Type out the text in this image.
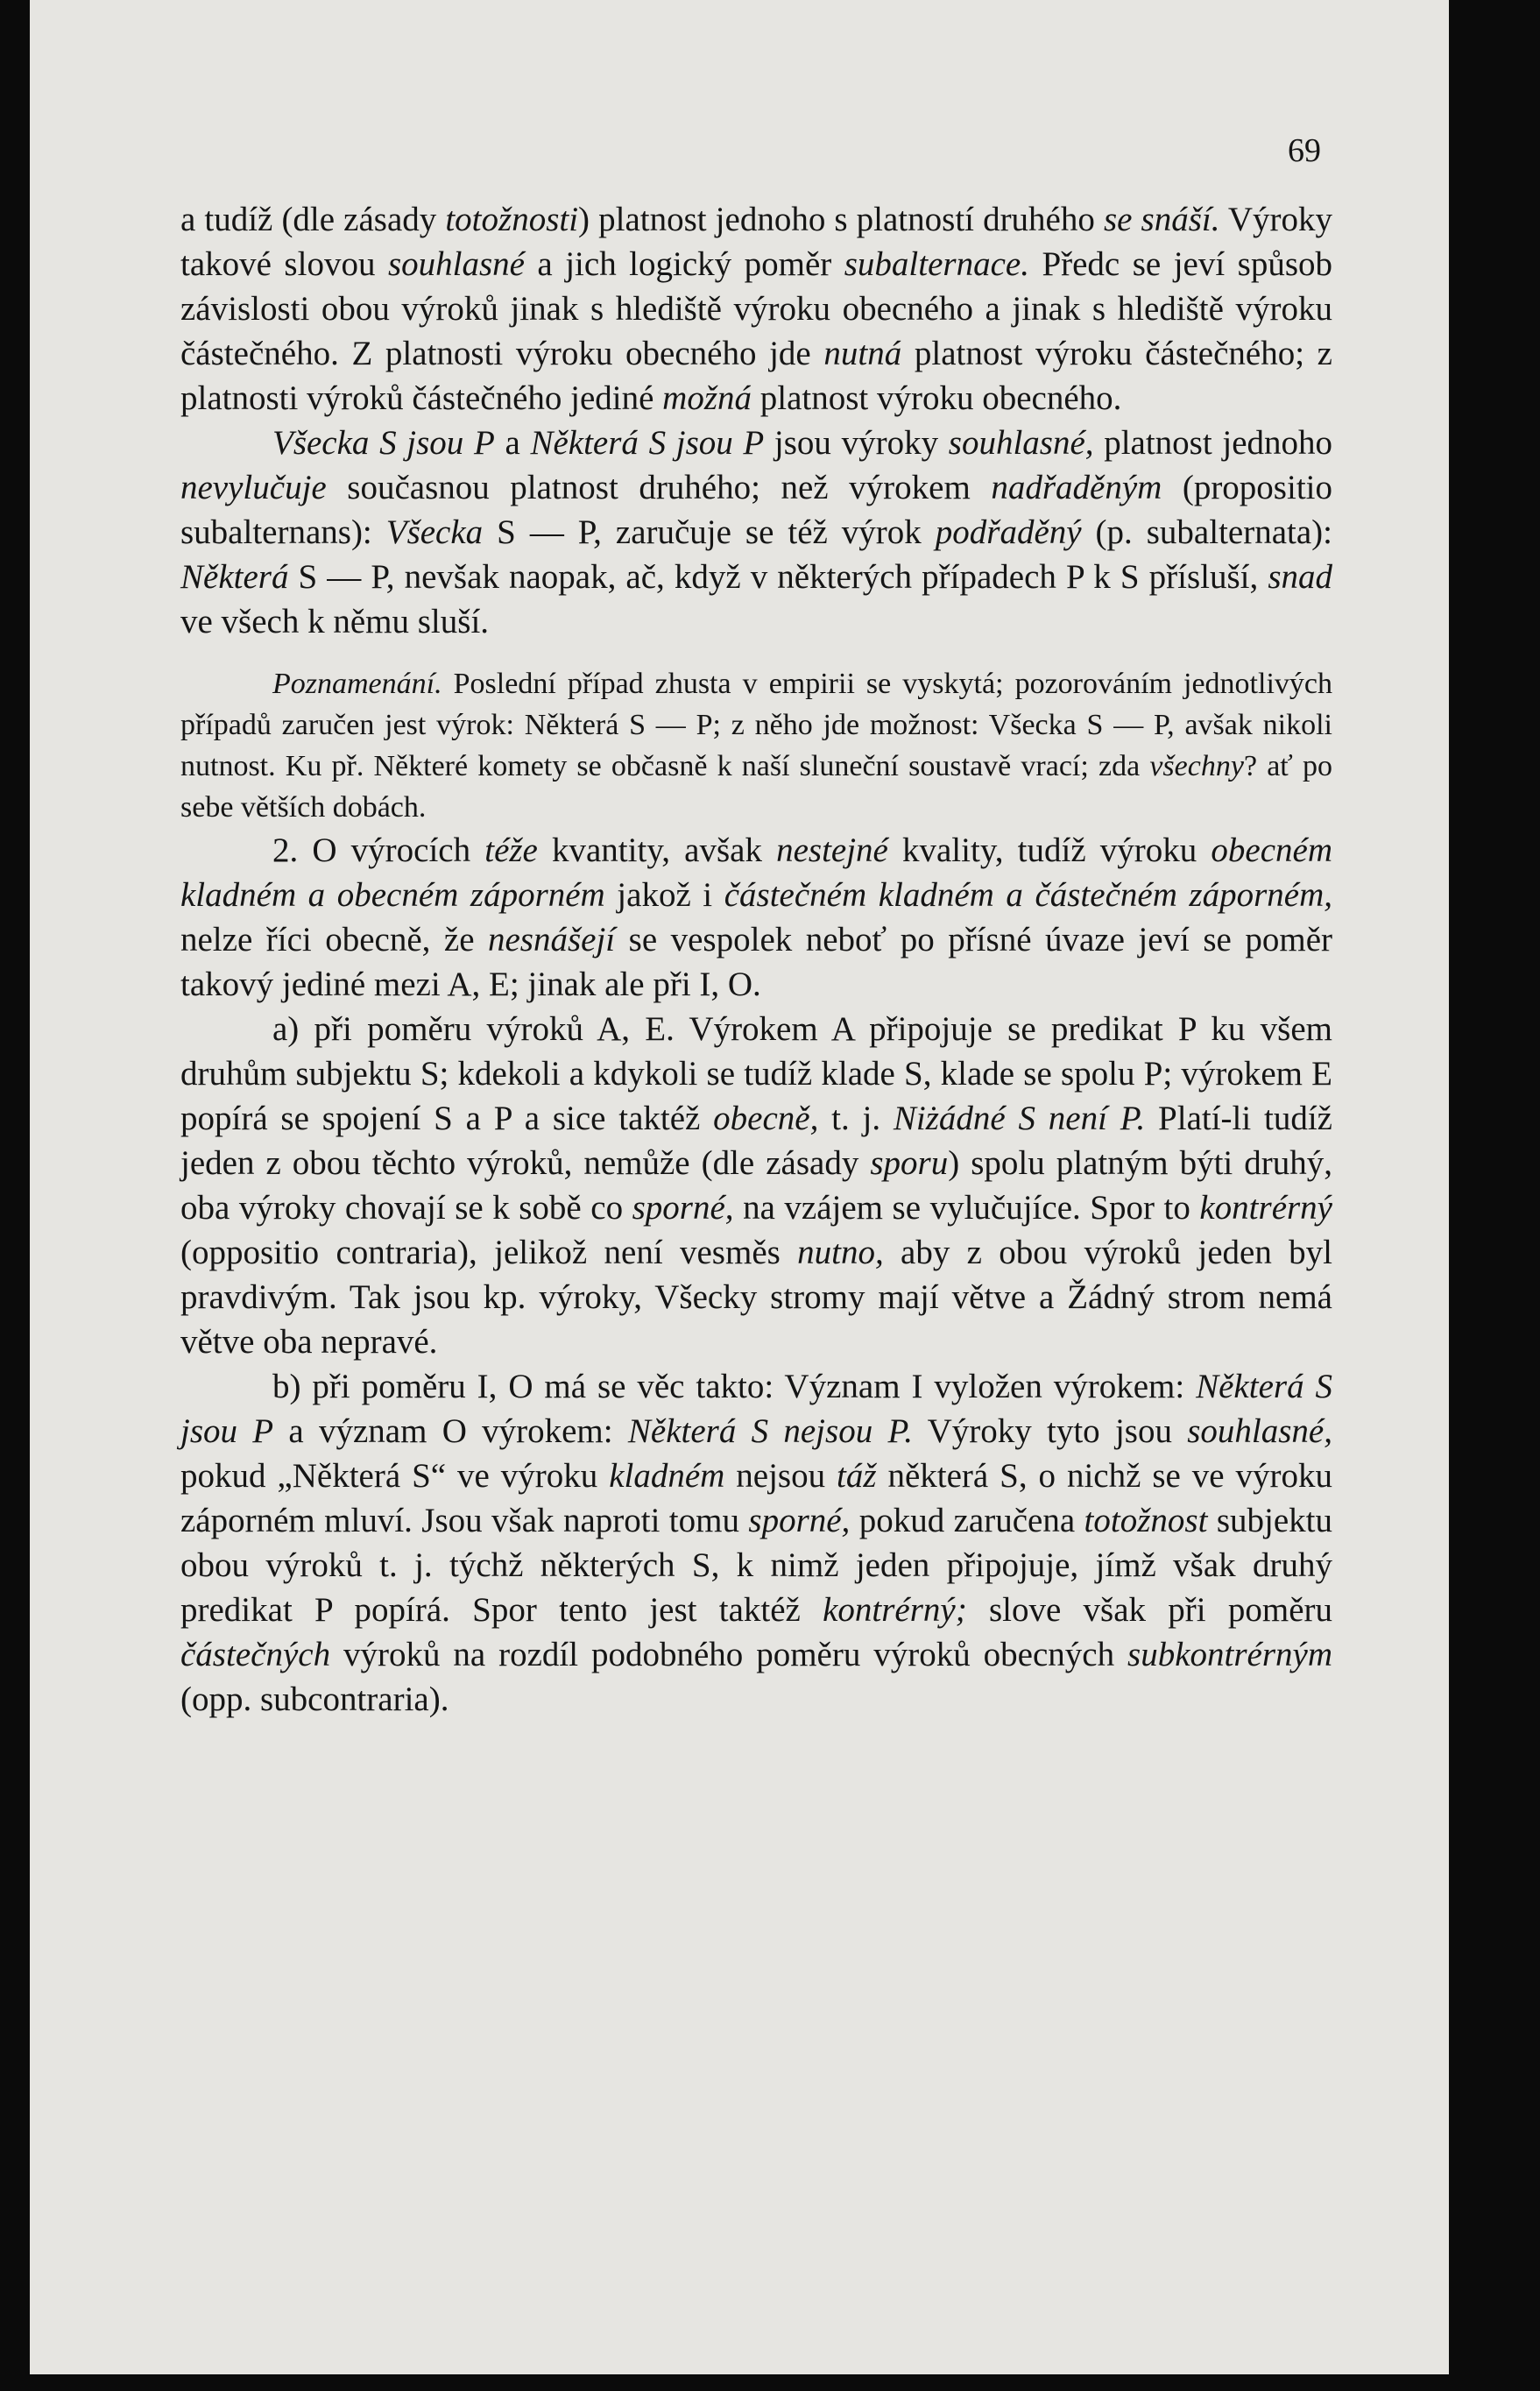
69

a tudíž (dle zásady totožnosti) platnost jednoho s platností druhého se snáší. Výroky takové slovou souhlasné a jich logický poměr subalternace. Předc se jeví spůsob závislosti obou výroků jinak s hlediště výroku obecného a jinak s hlediště výroku částečného. Z platnosti výroku obecného jde nutná platnost výroku částečného; z platnosti výroků částečného jediné možná platnost výroku obecného.

Všecka S jsou P a Některá S jsou P jsou výroky souhlasné, platnost jednoho nevylučuje současnou platnost druhého; než výrokem nadřaděným (propositio subalternans): Všecka S — P, zaručuje se též výrok podřaděný (p. subalternata): Některá S — P, nevšak naopak, ač, když v některých případech P k S přísluší, snad ve všech k němu sluší.

Poznamenání. Poslední případ zhusta v empirii se vyskytá; pozorováním jednotlivých případů zaručen jest výrok: Některá S — P; z něho jde možnost: Všecka S — P, avšak nikoli nutnost. Ku př. Některé komety se občasně k naší sluneční soustavě vrací; zda všechny? ať po sebe větších dobách.

2. O výrocích téže kvantity, avšak nestejné kvality, tudíž výroku obecném kladném a obecném záporném jakož i částečném kladném a částečném záporném, nelze říci obecně, že nesnášejí se vespolek neboť po přísné úvaze jeví se poměr takový jediné mezi A, E; jinak ale při I, O.

a) při poměru výroků A, E. Výrokem A připojuje se predikat P ku všem druhům subjektu S; kdekoli a kdykoli se tudíž klade S, klade se spolu P; výrokem E popírá se spojení S a P a sice taktéž obecně, t. j. Niżádné S není P. Platí-li tudíž jeden z obou těchto výroků, nemůže (dle zásady sporu) spolu platným býti druhý, oba výroky chovají se k sobě co sporné, na vzájem se vylučujíce. Spor to kontrérný (oppositio contraria), jelikož není vesměs nutno, aby z obou výroků jeden byl pravdivým. Tak jsou kp. výroky, Všecky stromy mají větve a Žádný strom nemá větve oba nepravé.

b) při poměru I, O má se věc takto: Význam I vyložen výrokem: Některá S jsou P a význam O výrokem: Některá S nejsou P. Výroky tyto jsou souhlasné, pokud „Některá S“ ve výroku kladném nejsou táž některá S, o nichž se ve výroku záporném mluví. Jsou však naproti tomu sporné, pokud zaručena totožnost subjektu obou výroků t. j. týchž některých S, k nimž jeden připojuje, jímž však druhý predikat P popírá. Spor tento jest taktéž kontrérný; slove však při poměru částečných výroků na rozdíl podobného poměru výroků obecných subkontrérným (opp. subcontraria).
